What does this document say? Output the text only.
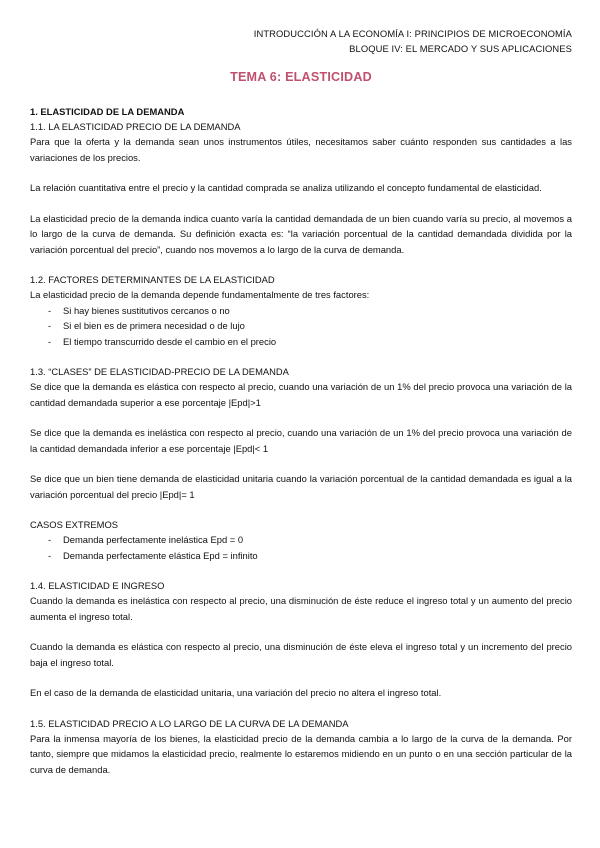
INTRODUCCIÓN A LA ECONOMÍA I: PRINCIPIOS DE MICROECONOMÍA
BLOQUE IV: EL MERCADO Y SUS APLICACIONES
TEMA 6: ELASTICIDAD
1. ELASTICIDAD DE LA DEMANDA
1.1. LA ELASTICIDAD PRECIO DE LA DEMANDA

Para que la oferta y la demanda sean unos instrumentos útiles, necesitamos saber cuánto responden sus cantidades a las variaciones de los precios.

La relación cuantitativa entre el precio y la cantidad comprada se analiza utilizando el concepto fundamental de elasticidad.

La elasticidad precio de la demanda indica cuanto varía la cantidad demandada de un bien cuando varía su precio, al movemos a lo largo de la curva de demanda. Su definición exacta es: “la variación porcentual de la cantidad demandada dividida por la variación porcentual del precio”, cuando nos movemos a lo largo de la curva de demanda.

1.2. FACTORES DETERMINANTES DE LA ELASTICIDAD

La elasticidad precio de la demanda depende fundamentalmente de tres factores:

- Si hay bienes sustitutivos cercanos o no
- Si el bien es de primera necesidad o de lujo
- El tiempo transcurrido desde el cambio en el precio
1.3. “CLASES” DE ELASTICIDAD-PRECIO DE LA DEMANDA

Se dice que la demanda es elástica con respecto al precio, cuando una variación de un 1% del precio provoca una variación de la cantidad demandada superior a ese porcentaje |Epd|>1

Se dice que la demanda es inelástica con respecto al precio, cuando una variación de un 1% del precio provoca una variación de la cantidad demandada inferior a ese porcentaje |Epd|< 1

Se dice que un bien tiene demanda de elasticidad unitaria cuando la variación porcentual de la cantidad demandada es igual a la variación porcentual del precio |Epd|= 1

CASOS EXTREMOS
- Demanda perfectamente inelástica Epd = 0
- Demanda perfectamente elástica Epd = infinito
1.4. ELASTICIDAD E INGRESO

Cuando la demanda es inelástica con respecto al precio, una disminución de éste reduce el ingreso total y un aumento del precio aumenta el ingreso total.

Cuando la demanda es elástica con respecto al precio, una disminución de éste eleva el ingreso total y un incremento del precio baja el ingreso total.

En el caso de la demanda de elasticidad unitaria, una variación del precio no altera el ingreso total.

1.5. ELASTICIDAD PRECIO A LO LARGO DE LA CURVA DE LA DEMANDA

Para la inmensa mayoría de los bienes, la elasticidad precio de la demanda cambia a lo largo de la curva de la demanda. Por tanto, siempre que midamos la elasticidad precio, realmente lo estaremos midiendo en un punto o en una sección particular de la curva de demanda.
